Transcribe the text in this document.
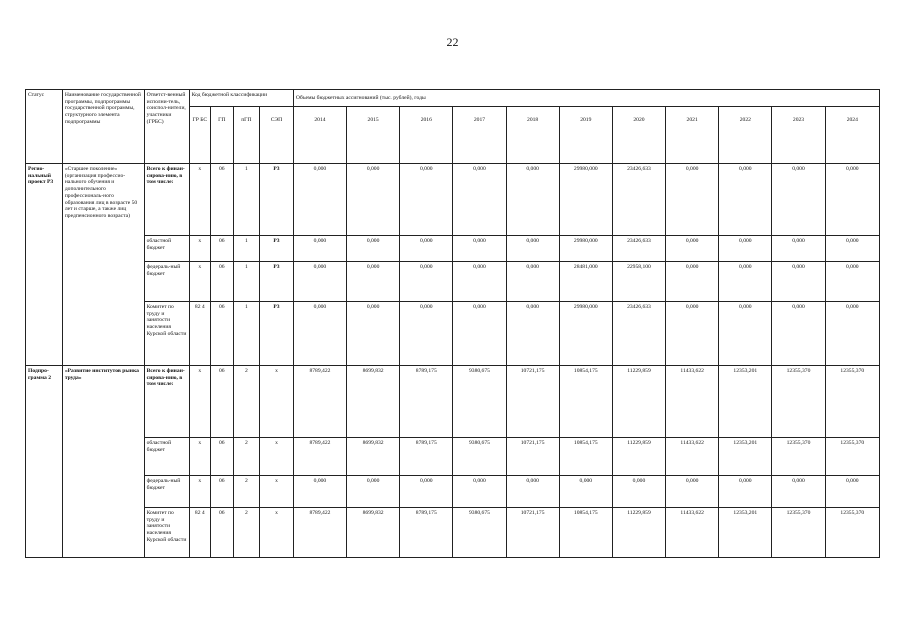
22
Статус	Наименование государственной программы, подпрограммы государственной программы, структурного элемента подпрограммы	Ответст-венный исполни-тель, соиспол-нители, участники (ГРБС)	Код бюджетной классификации				Объемы бюджетных ассигнований (тыс. рублей), годы										
			ГР БС	ГП	пГП	СЭП	2014	2015	2016	2017	2018	2019	2020	2021	2022	2023	2024
Регио-нальный проект Р3	«Старшее поколение» (организация профессио-нального обучения и дополнительного профессиональ-ного образования лиц в возрасте 50 лет и старше, а также лиц предпенсионного возраста)	Всего к финан-сирова-нию, в том числе:	х	06	1	Р3	0,000	0,000	0,000	0,000	0,000	29980,000	23426,633	0,000	0,000	0,000	0,000
		областной бюджет	х	06	1	Р3	0,000	0,000	0,000	0,000	0,000	29980,000	23426,633	0,000	0,000	0,000	0,000
		федераль-ный бюджет	х	06	1	Р3	0,000	0,000	0,000	0,000	0,000	28481,000	22958,100	0,000	0,000	0,000	0,000
		Комитет по труду и занятости населения Курской области	82 4	06	1	Р3	0,000	0,000	0,000	0,000	0,000	29980,000	23426,633	0,000	0,000	0,000	0,000
Подпро-грамма 2	«Развитие институтов рынка труда»	Всего к финан-сирова-нию, в том числе:	х	06	2	х	8789,422	8699,832	8789,175	9380,675	10721,175	10854,175	11229,859	11433,622	12353,201	12355,370	12355,370
		областной бюджет	х	06	2	х	8789,422	8699,832	8789,175	9380,675	10721,175	10854,175	11229,859	11433,622	12353,201	12355,370	12355,370
		федераль-ный бюджет	х	06	2	х	0,000	0,000	0,000	0,000	0,000	0,000	0,000	0,000	0,000	0,000	0,000
		Комитет по труду и занятости населения Курской области	82 4	06	2	х	8789,422	8699,832	8789,175	9380,675	10721,175	10854,175	11229,859	11433,622	12353,201	12355,370	12355,370
